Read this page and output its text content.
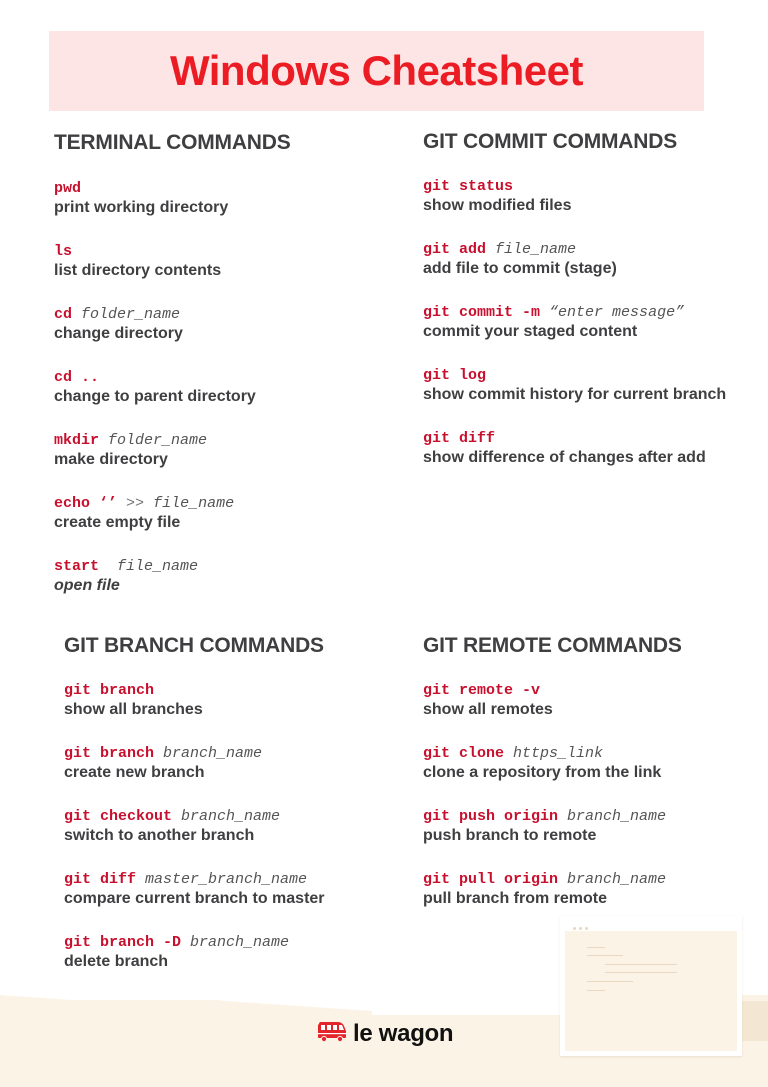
Windows Cheatsheet
TERMINAL COMMANDS
pwd
print working directory
ls
list directory contents
cd folder_name
change directory
cd ..
change to parent directory
mkdir folder_name
make directory
echo ‘’ >> file_name
create empty file
start file_name
open file
GIT COMMIT COMMANDS
git status
show modified files
git add file_name
add file to commit (stage)
git commit -m “enter message”
commit your staged content
git log
show commit history for current branch
git diff
show difference of changes after add
GIT BRANCH COMMANDS
git branch
show all branches
git branch branch_name
create new branch
git checkout branch_name
switch to another branch
git diff master_branch_name
compare current branch to master
git branch -D branch_name
delete branch
GIT REMOTE COMMANDS
git remote -v
show all remotes
git clone https_link
clone a repository from the link
git push origin branch_name
push branch to remote
git pull origin branch_name
pull branch from remote
le wagon
